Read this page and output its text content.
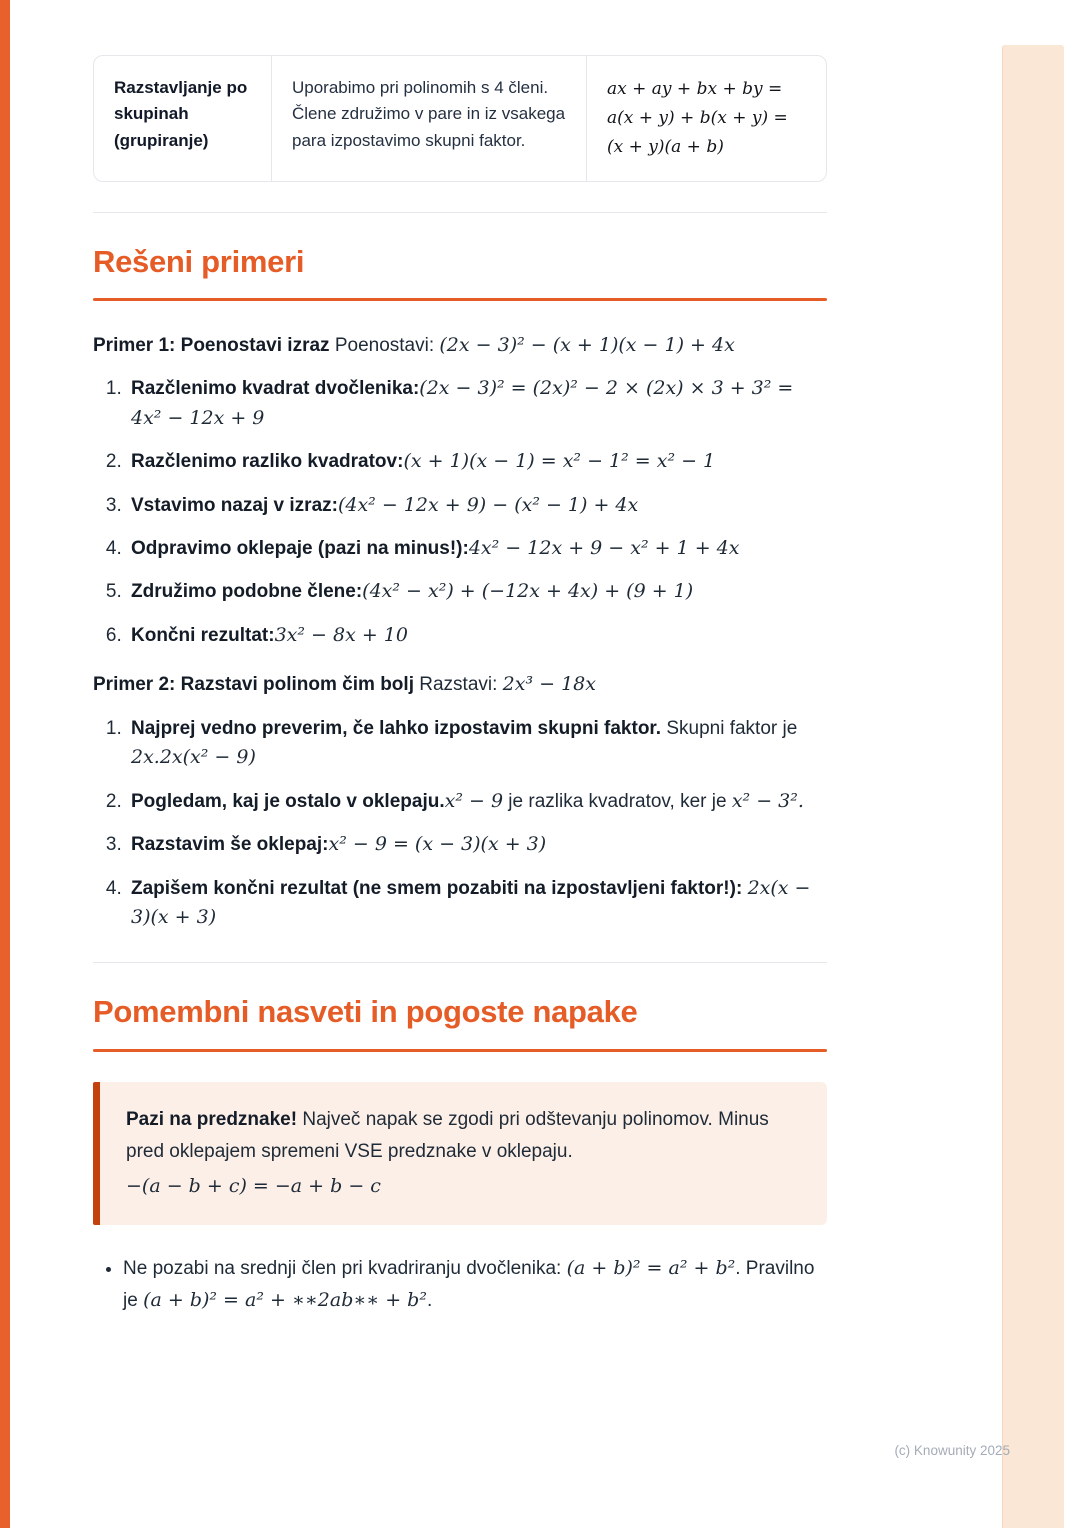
Razstavljanje po skupinah (grupiranje)
Uporabimo pri polinomih s 4 členi. Člene združimo v pare in iz vsakega para izpostavimo skupni faktor.
ax + ay + bx + by =
a(x + y) + b(x + y) =
(x + y)(a + b)
Rešeni primeri

Primer 1: Poenostavi izraz Poenostavi: (2x − 3)² − (x + 1)(x − 1) + 4x

1. Razčlenimo kvadrat dvočlenika:(2x − 3)² = (2x)² − 2 × (2x) × 3 + 3² = 4x² − 12x + 9
2. Razčlenimo razliko kvadratov:(x + 1)(x − 1) = x² − 1² = x² − 1
3. Vstavimo nazaj v izraz:(4x² − 12x + 9) − (x² − 1) + 4x
4. Odpravimo oklepaje (pazi na minus!):4x² − 12x + 9 − x² + 1 + 4x
5. Združimo podobne člene:(4x² − x²) + (−12x + 4x) + (9 + 1)
6. Končni rezultat:3x² − 8x + 10

Primer 2: Razstavi polinom čim bolj Razstavi: 2x³ − 18x

1. Najprej vedno preverim, če lahko izpostavim skupni faktor. Skupni faktor je 2x.2x(x² − 9)
2. Pogledam, kaj je ostalo v oklepaju.x² − 9 je razlika kvadratov, ker je x² − 3².
3. Razstavim še oklepaj:x² − 9 = (x − 3)(x + 3)
4. Zapišem končni rezultat (ne smem pozabiti na izpostavljeni faktor!): 2x(x − 3)(x + 3)
Pomembni nasveti in pogoste napake

Pazi na predznake! Največ napak se zgodi pri odštevanju polinomov. Minus pred oklepajem spremeni VSE predznake v oklepaju.

−(a − b + c) = −a + b − c
• Ne pozabi na srednji člen pri kvadriranju dvočlenika: (a + b)² = a² + b². Pravilno je (a + b)² = a² + ∗∗2ab∗∗ + b².
(c) Knowunity 2025
